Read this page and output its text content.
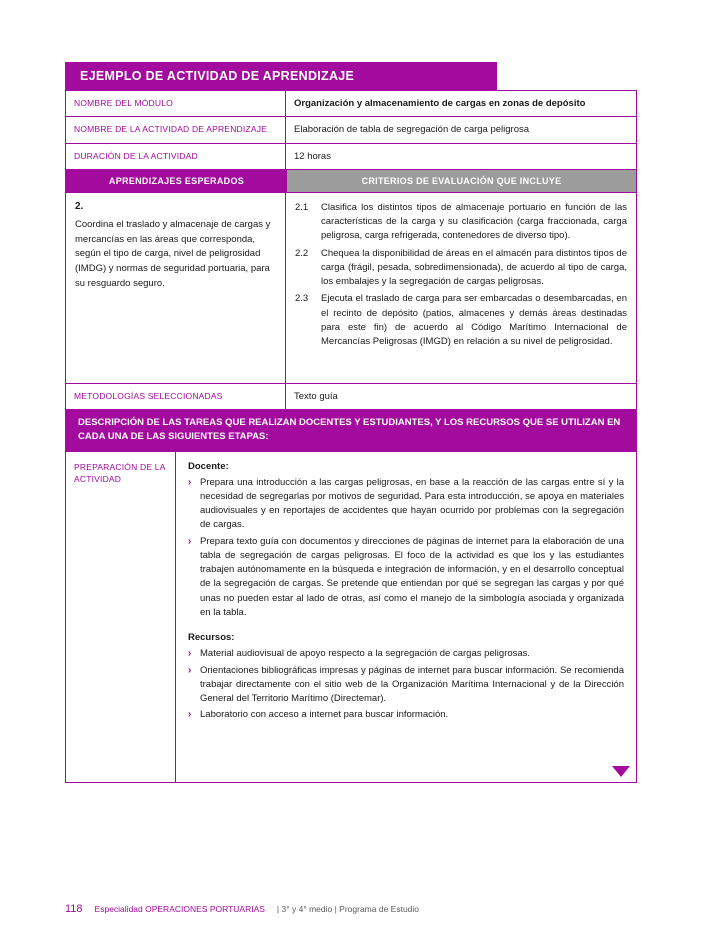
EJEMPLO DE ACTIVIDAD DE APRENDIZAJE
NOMBRE DEL MÓDULO	Organización y almacenamiento de cargas en zonas de depósito
NOMBRE DE LA ACTIVIDAD DE APRENDIZAJE	Elaboración de tabla de segregación de carga peligrosa
DURACIÓN DE LA ACTIVIDAD	12 horas
APRENDIZAJES ESPERADOS	CRITERIOS DE EVALUACIÓN QUE INCLUYE
2.
Coordina el traslado y almacenaje de cargas y mercancías en las áreas que corresponda, según el tipo de carga, nivel de peligrosidad (IMDG) y normas de seguridad portuaria, para su resguardo seguro.
2.1	Clasifica los distintos tipos de almacenaje portuario en función de las características de la carga y su clasificación (carga fraccionada, carga peligrosa, carga refrigerada, contenedores de diverso tipo).
2.2	Chequea la disponibilidad de áreas en el almacén para distintos tipos de carga (frágil, pesada, sobredimensionada), de acuerdo al tipo de carga, los embalajes y la segregación de cargas peligrosas.
2.3	Ejecuta el traslado de carga para ser embarcadas o desembarcadas, en el recinto de depósito (patios, almacenes y demás áreas destinadas para este fin) de acuerdo al Código Marítimo Internacional de Mercancías Peligrosas (IMGD) en relación a su nivel de peligrosidad.
METODOLOGÍAS SELECCIONADAS	Texto guía
DESCRIPCIÓN DE LAS TAREAS QUE REALIZAN DOCENTES Y ESTUDIANTES, Y LOS RECURSOS QUE SE UTILIZAN EN CADA UNA DE LAS SIGUIENTES ETAPAS:
PREPARACIÓN DE LA ACTIVIDAD
Docente:
› Prepara una introducción a las cargas peligrosas, en base a la reacción de las cargas entre sí y la necesidad de segregarlas por motivos de seguridad. Para esta introducción, se apoya en materiales audiovisuales y en reportajes de accidentes que hayan ocurrido por problemas con la segregación de cargas.
› Prepara texto guía con documentos y direcciones de páginas de internet para la elaboración de una tabla de segregación de cargas peligrosas. El foco de la actividad es que los y las estudiantes trabajen autónomamente en la búsqueda e integración de información, y en el desarrollo conceptual de la segregación de cargas. Se pretende que entiendan por qué se segregan las cargas y por qué unas no pueden estar al lado de otras, así como el manejo de la simbología asociada y organizada en la tabla.
Recursos:
› Material audiovisual de apoyo respecto a la segregación de cargas peligrosas.
› Orientaciones bibliográficas impresas y páginas de internet para buscar información. Se recomienda trabajar directamente con el sitio web de la Organización Marítima Internacional y de la Dirección General del Territorio Marítimo (Directemar).
› Laboratorio con acceso a internet para buscar información.
118 Especialidad OPERACIONES PORTUARIAS | 3° y 4° medio | Programa de Estudio
